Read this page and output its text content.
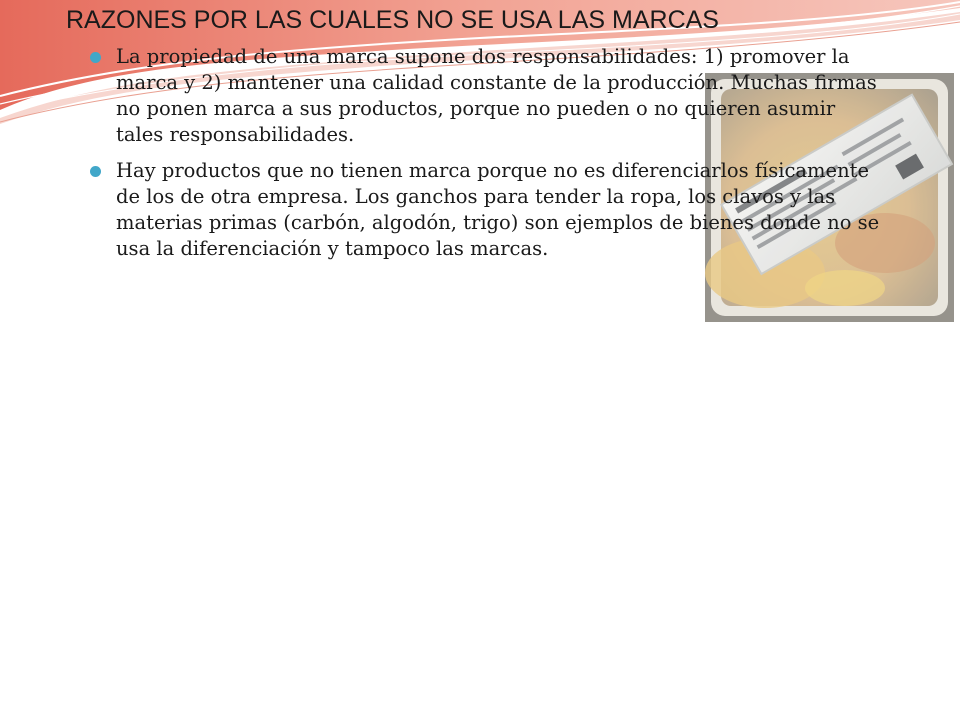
RAZONES POR LAS CUALES NO SE USA LAS MARCAS
La propiedad de una marca supone dos responsabilidades: 1) promover la marca y 2) mantener una calidad constante de la producción. Muchas firmas no ponen marca a sus productos, porque no pueden o no quieren asumir tales responsabilidades.
Hay productos que no tienen marca porque no es diferenciarlos físicamente de los de otra empresa. Los ganchos para tender la ropa, los clavos y las materias primas (carbón, algodón, trigo) son ejemplos de bienes donde no se usa la diferenciación y tampoco las marcas.
